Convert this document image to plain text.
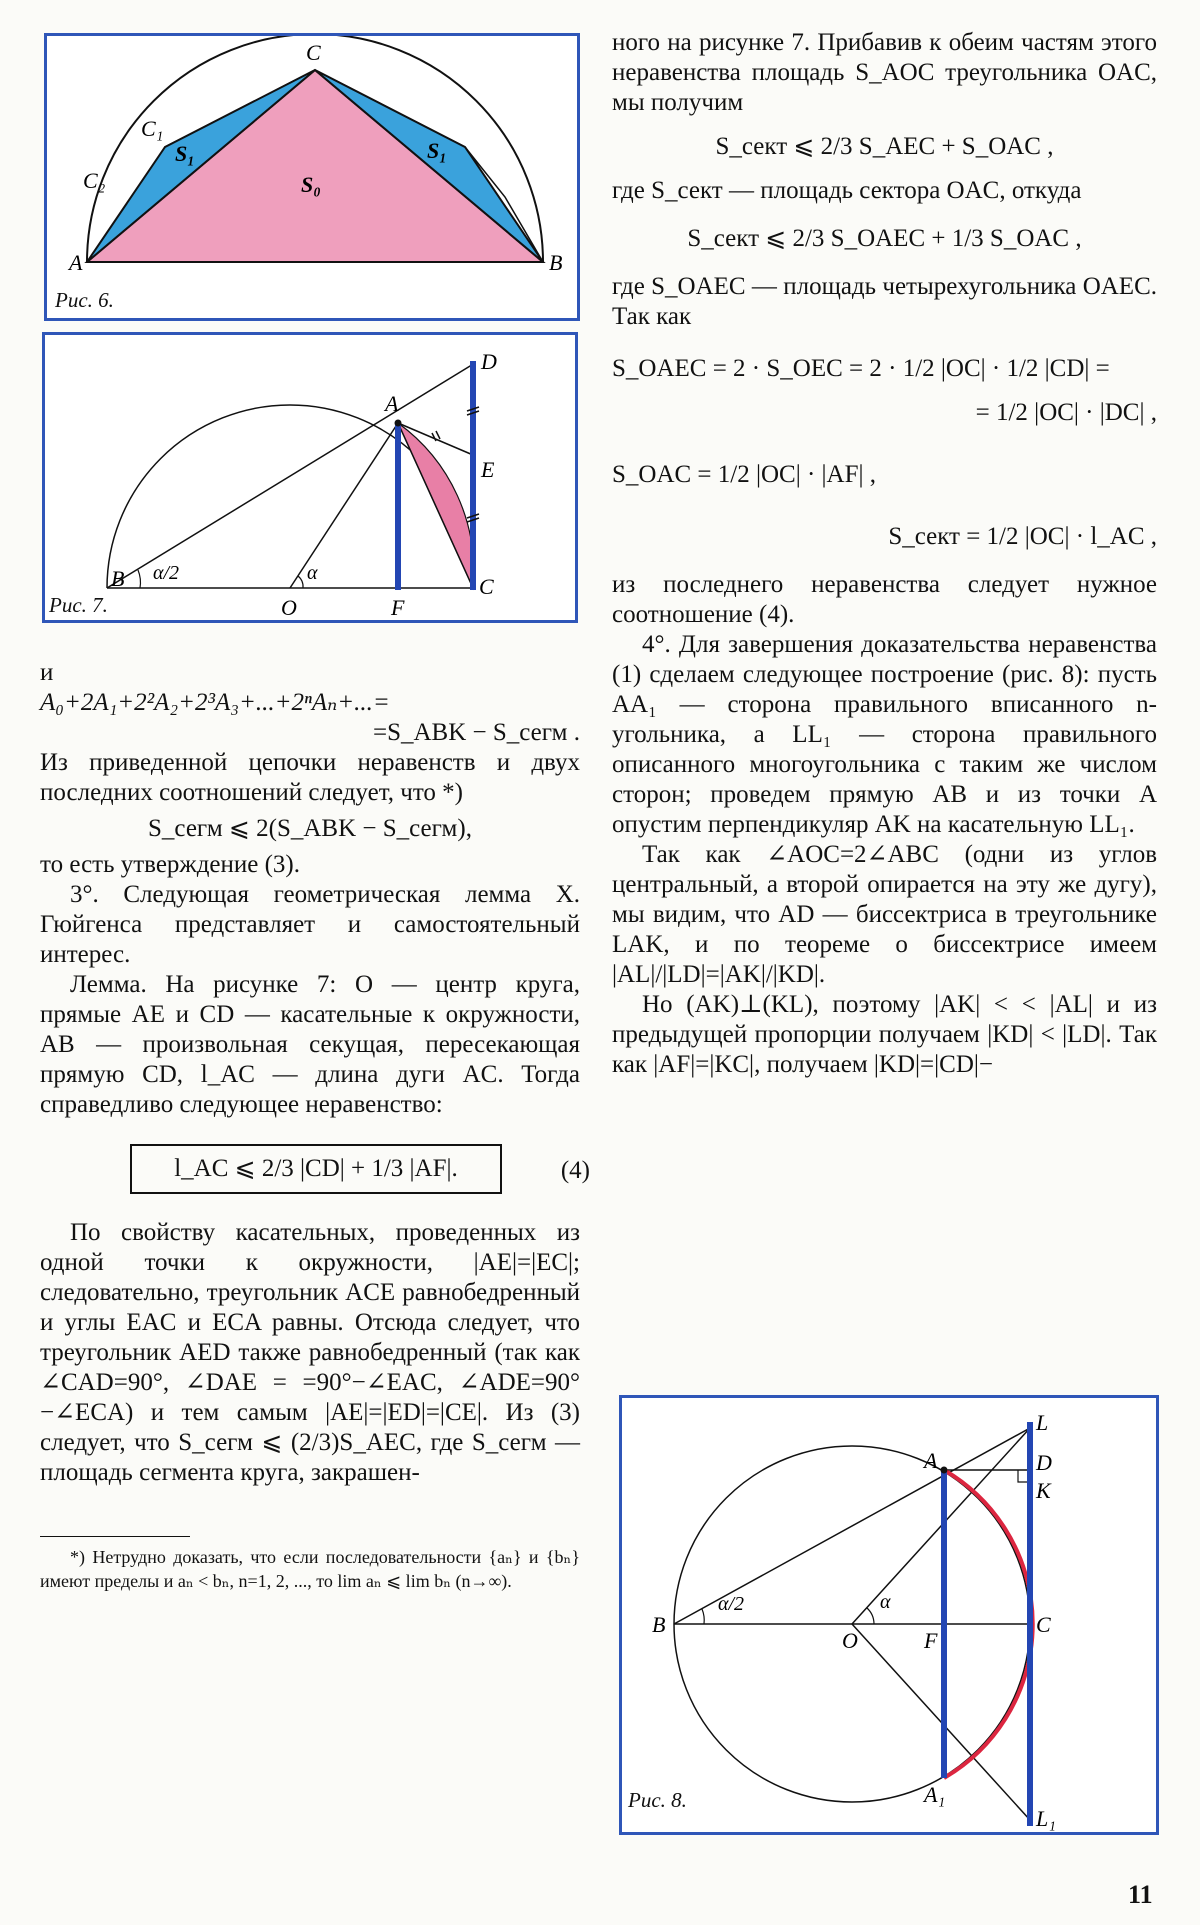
A	B
C
C₁
C₂	S₀
S₁	S₁
Рис. 6.
A
B	C
D
E
F
O
α/2	α
Рис. 7.

и

A₀+2A₁+2²A₂+2³A₃+...+2ⁿAₙ+...=

=S_ABK − S_сегм .

Из приведенной цепочки неравенств и двух последних соотношений следует, что *)

S_сегм ⩽ 2(S_ABK − S_сегм),

то есть утверждение (3).

3°. Следующая геометрическая лемма Х. Гюйгенса представляет и самостоятельный интерес.

Лемма. На рисунке 7: O — центр круга, прямые AE и CD — касательные к окружности, AB — произвольная секущая, пересекающая прямую CD, l_AC — длина дуги AC. Тогда справедливо следующее неравенство:

l_AC ⩽ 2/3 |CD| + 1/3 |AF|.	(4)

По свойству касательных, проведенных из одной точки к окружности, |AE|=|EC|; следовательно, треугольник ACE равнобедренный и углы EAC и ECA равны. Отсюда следует, что треугольник AED также равнобедренный (так как ∠CAD=90°, ∠DAE = =90°−∠EAC, ∠ADE=90°−∠ECA) и тем самым |AE|=|ED|=|CE|. Из (3) следует, что S_сегм ⩽ (2/3)S_AEC, где S_сегм — площадь сегмента круга, закрашен-

*) Нетрудно доказать, что если последовательности {aₙ} и {bₙ} имеют пределы и aₙ < bₙ, n=1, 2, ..., то lim aₙ ⩽ lim bₙ (n→∞).

ного на рисунке 7. Прибавив к обеим частям этого неравенства площадь S_AOC треугольника OAC, мы получим

S_сект ⩽ 2/3 S_AEC + S_OAC ,

где S_сект — площадь сектора OAC, откуда

S_сект ⩽ 2/3 S_OAEC + 1/3 S_OAC ,

где S_OAEC — площадь четырехугольника OAEC. Так как

S_OAEC = 2 · S_OEC = 2 · 1/2 |OC| · 1/2 |CD| =

= 1/2 |OC| · |DC| ,

S_OAC = 1/2 |OC| · |AF| ,

S_сект = 1/2 |OC| · l_AC ,

из последнего неравенства следует нужное соотношение (4).

4°. Для завершения доказательства неравенства (1) сделаем следующее построение (рис. 8): пусть AA₁ — сторона правильного вписанного n-угольника, а LL₁ — сторона правильного описанного многоугольника с таким же числом сторон; проведем прямую AB и из точки A опустим перпендикуляр AK на касательную LL₁.

Так как ∠AOC=2∠ABC (одни из углов центральный, а второй опирается на эту же дугу), мы видим, что AD — биссектриса в треугольнике LAK, и по теореме о биссектрисе имеем |AL|/|LD|=|AK|/|KD|.

Но (AK)⊥(KL), поэтому |AK| < < |AL| и из предыдущей пропорции получаем |KD| < |LD|. Так как |AF|=|KC|, получаем |KD|=|CD|−

A
A₁
B	C
D
F
K
L
L₁
O
α/2	α
Рис. 8.
11
